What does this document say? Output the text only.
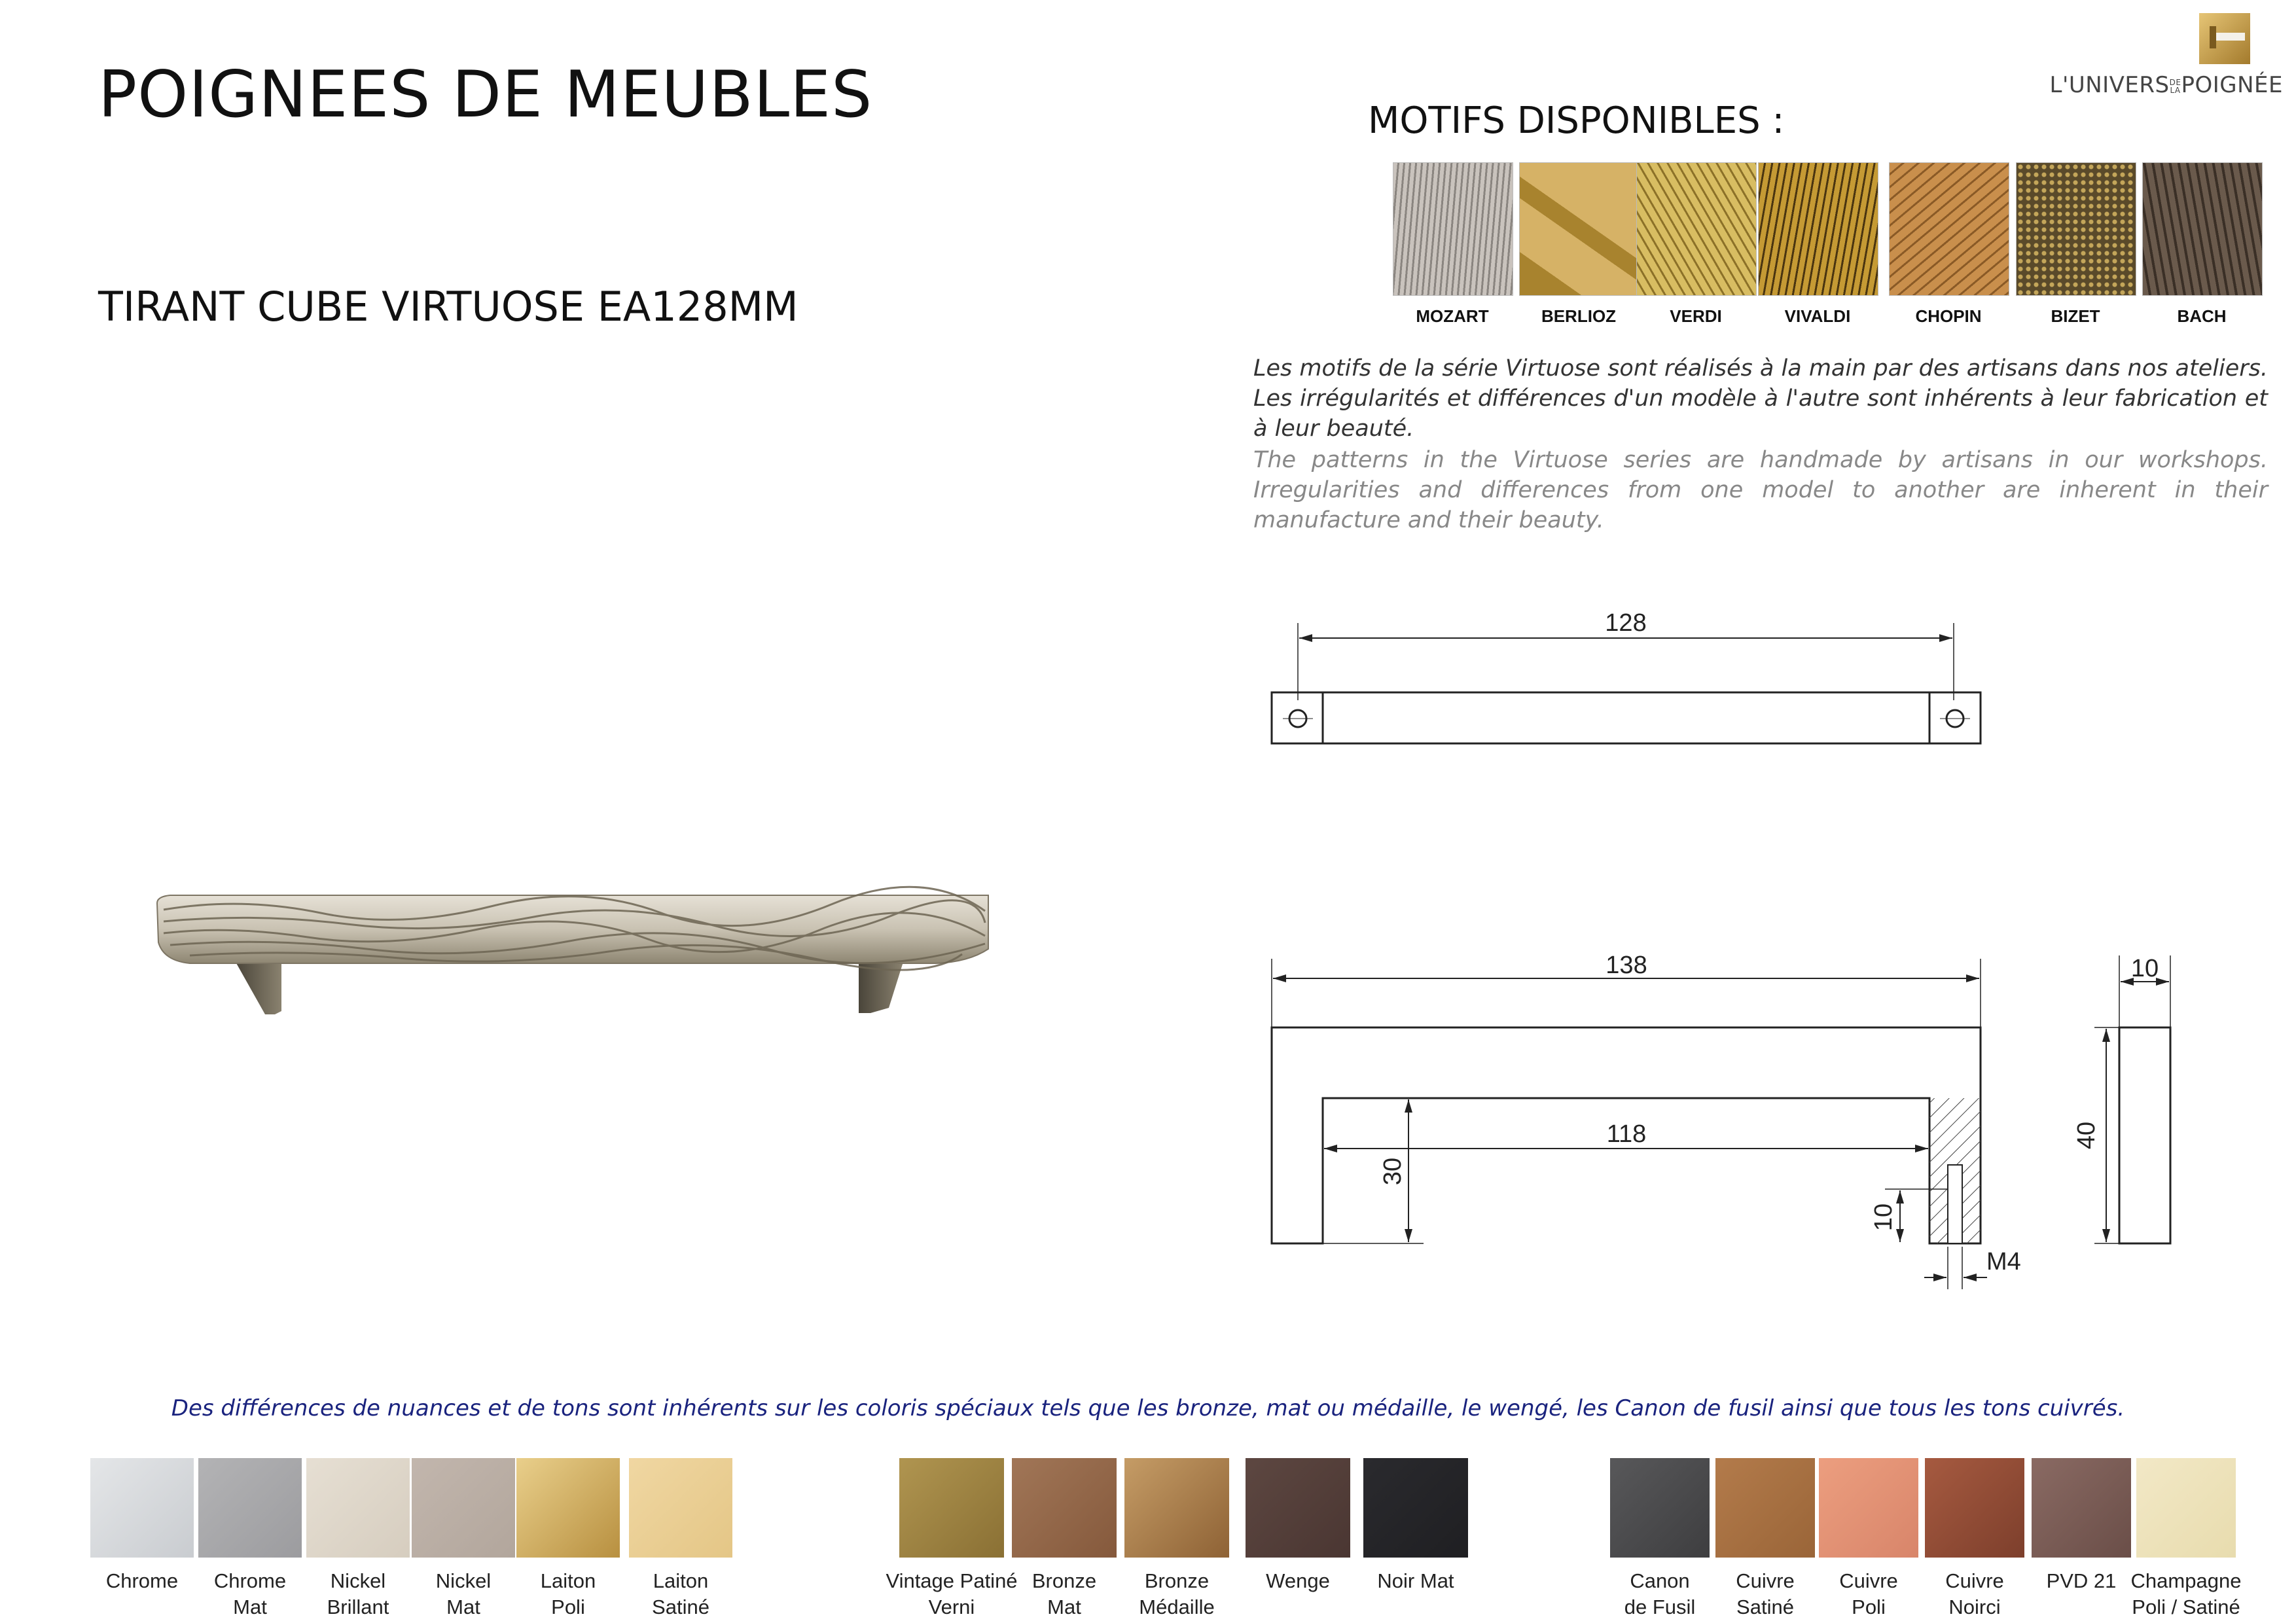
POIGNEES DE MEUBLES
TIRANT CUBE VIRTUOSE EA128MM
L'UNIVERSDE
LAPOIGNÉE
MOTIFS DISPONIBLES :
MOZART	BERLIOZ	VERDI	VIVALDI	CHOPIN	BIZET	BACH
Les motifs de la série Virtuose sont réalisés à la main par des artisans dans nos ateliers. Les irrégularités et différences d'un modèle à l'autre sont inhérents à leur fabrication et à leur beauté.
The patterns in the Virtuose series are handmade by artisans in our workshops. Irregularities and differences from one model to another are inherent in their manufacture and their beauty.
128
138
118
30
10
M4
10
40
Des différences de nuances et de tons sont inhérents sur les coloris spéciaux tels que les bronze, mat ou médaille, le wengé, les Canon de fusil ainsi que tous les tons cuivrés.
Chrome	Chrome
Mat
Nickel
Brillant
Nickel
Mat
Laiton
Poli
Laiton
Satiné
Vintage Patiné
Verni
Bronze
Mat
Bronze
Médaille
Wenge	Noir Mat	Canon
de Fusil
Cuivre
Satiné
Cuivre
Poli
Cuivre
Noirci
PVD 21 Champagne
Poli / Satiné
